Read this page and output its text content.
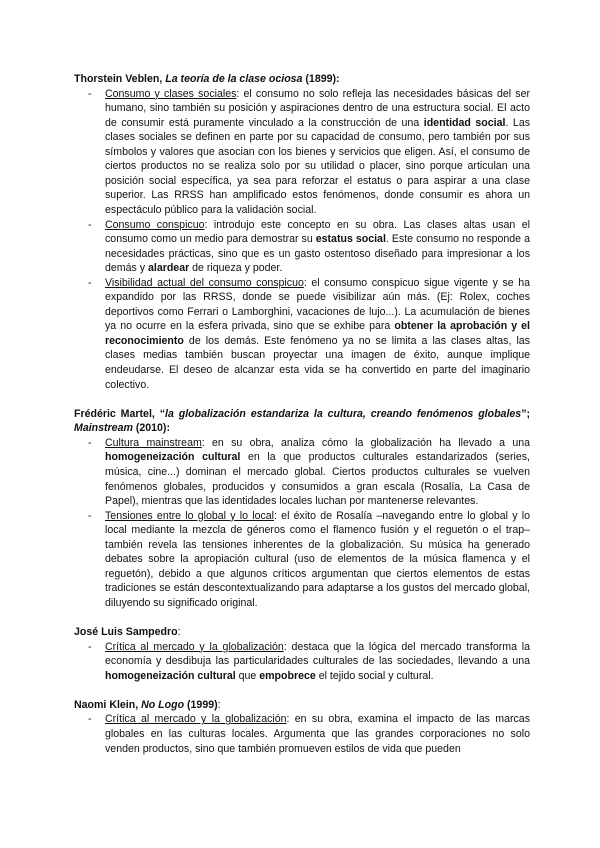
Thorstein Veblen, La teoría de la clase ociosa (1899):

- Consumo y clases sociales: el consumo no solo refleja las necesidades básicas del ser humano, sino también su posición y aspiraciones dentro de una estructura social. El acto de consumir está puramente vinculado a la construcción de una identidad social. Las clases sociales se definen en parte por su capacidad de consumo, pero también por sus símbolos y valores que asocian con los bienes y servicios que eligen. Así, el consumo de ciertos productos no se realiza solo por su utilidad o placer, sino porque articulan una posición social específica, ya sea para reforzar el estatus o para aspirar a una clase superior. Las RRSS han amplificado estos fenómenos, donde consumir es ahora un espectáculo público para la validación social.
- Consumo conspicuo: introdujo este concepto en su obra. Las clases altas usan el consumo como un medio para demostrar su estatus social. Este consumo no responde a necesidades prácticas, sino que es un gasto ostentoso diseñado para impresionar a los demás y alardear de riqueza y poder.
- Visibilidad actual del consumo conspicuo: el consumo conspicuo sigue vigente y se ha expandido por las RRSS, donde se puede visibilizar aún más. (Ej: Rolex, coches deportivos como Ferrari o Lamborghini, vacaciones de lujo...). La acumulación de bienes ya no ocurre en la esfera privada, sino que se exhibe para obtener la aprobación y el reconocimiento de los demás. Este fenómeno ya no se limita a las clases altas, las clases medias también buscan proyectar una imagen de éxito, aunque implique endeudarse. El deseo de alcanzar esta vida se ha convertido en parte del imaginario colectivo.

Frédéric Martel, “la globalización estandariza la cultura, creando fenómenos globales”; Mainstream (2010):

- Cultura mainstream: en su obra, analiza cómo la globalización ha llevado a una homogeneización cultural en la que productos culturales estandarizados (series, música, cine...) dominan el mercado global. Ciertos productos culturales se vuelven fenómenos globales, producidos y consumidos a gran escala (Rosalía, La Casa de Papel), mientras que las identidades locales luchan por mantenerse relevantes.
- Tensiones entre lo global y lo local: el éxito de Rosalía –navegando entre lo global y lo local mediante la mezcla de géneros como el flamenco fusión y el reguetón o el trap– también revela las tensiones inherentes de la globalización. Su música ha generado debates sobre la apropiación cultural (uso de elementos de la música flamenca y el reguetón), debido a que algunos críticos argumentan que ciertos elementos de estas tradiciones se están descontextualizando para adaptarse a los gustos del mercado global, diluyendo su significado original.

José Luis Sampedro:

- Crítica al mercado y la globalización: destaca que la lógica del mercado transforma la economía y desdibuja las particularidades culturales de las sociedades, llevando a una homogeneización cultural que empobrece el tejido social y cultural.

Naomi Klein, No Logo (1999):

- Crítica al mercado y la globalización: en su obra, examina el impacto de las marcas globales en las culturas locales. Argumenta que las grandes corporaciones no solo venden productos, sino que también promueven estilos de vida que pueden
